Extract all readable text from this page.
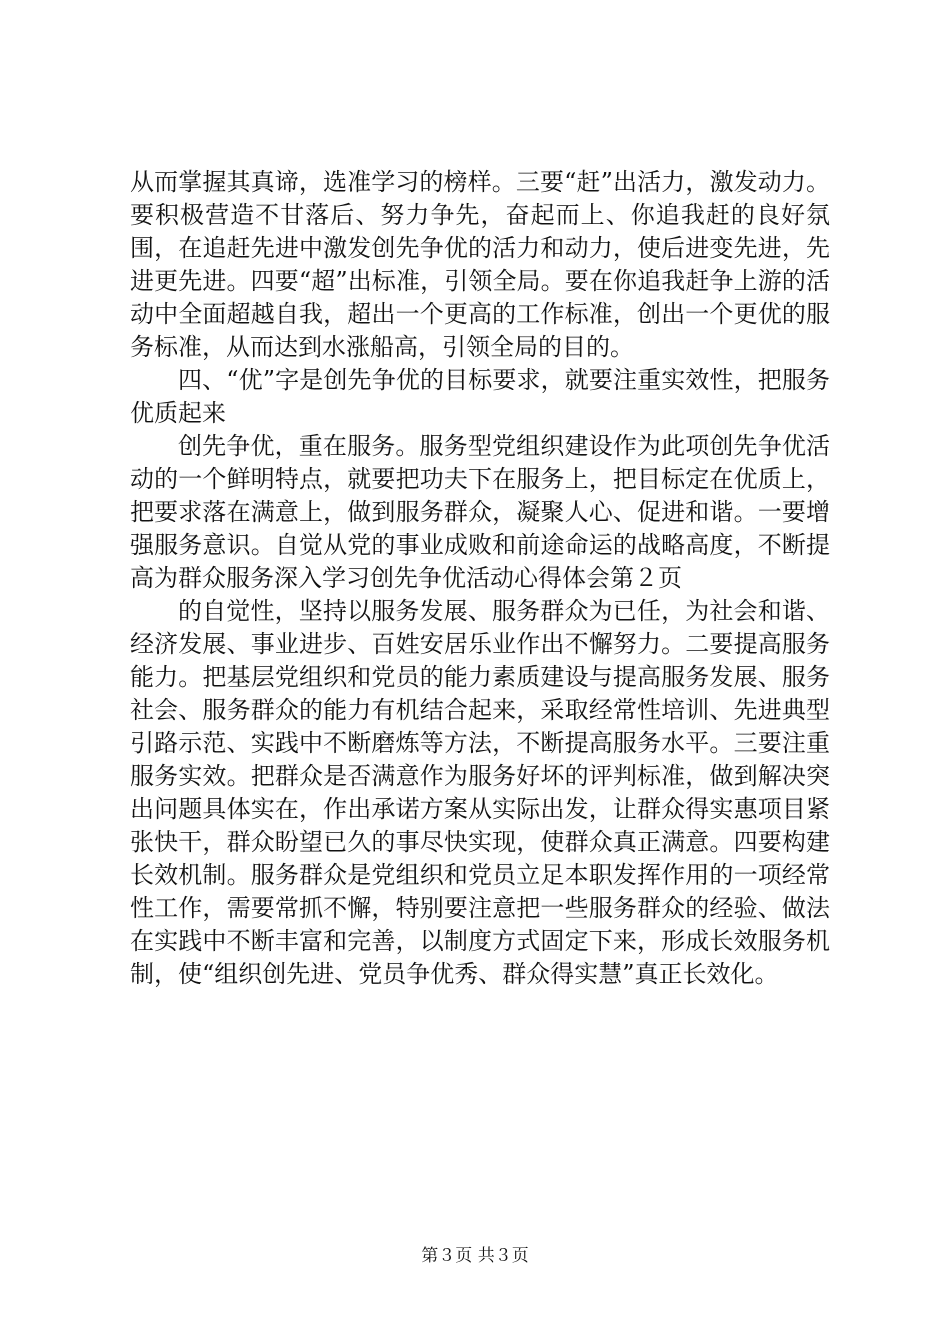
从而掌握其真谛，选准学习的榜样。三要“赶”出活力，激发动力。要积极营造不甘落后、努力争先，奋起而上、你追我赶的良好氛围，在追赶先进中激发创先争优的活力和动力，使后进变先进，先进更先进。四要“超”出标准，引领全局。要在你追我赶争上游的活动中全面超越自我，超出一个更高的工作标准，创出一个更优的服务标准，从而达到水涨船高，引领全局的目的。

四、“优”字是创先争优的目标要求，就要注重实效性，把服务优质起来

创先争优，重在服务。服务型党组织建设作为此项创先争优活动的一个鲜明特点，就要把功夫下在服务上，把目标定在优质上，把要求落在满意上，做到服务群众，凝聚人心、促进和谐。一要增强服务意识。自觉从党的事业成败和前途命运的战略高度，不断提高为群众服务深入学习创先争优活动心得体会第２页

的自觉性，坚持以服务发展、服务群众为已任，为社会和谐、经济发展、事业进步、百姓安居乐业作出不懈努力。二要提高服务能力。把基层党组织和党员的能力素质建设与提高服务发展、服务社会、服务群众的能力有机结合起来，采取经常性培训、先进典型引路示范、实践中不断磨炼等方法，不断提高服务水平。三要注重服务实效。把群众是否满意作为服务好坏的评判标准，做到解决突出问题具体实在，作出承诺方案从实际出发，让群众得实惠项目紧张快干，群众盼望已久的事尽快实现，使群众真正满意。四要构建长效机制。服务群众是党组织和党员立足本职发挥作用的一项经常性工作，需要常抓不懈，特别要注意把一些服务群众的经验、做法在实践中不断丰富和完善，以制度方式固定下来，形成长效服务机制，使“组织创先进、党员争优秀、群众得实慧”真正长效化。

第３页 共３页
